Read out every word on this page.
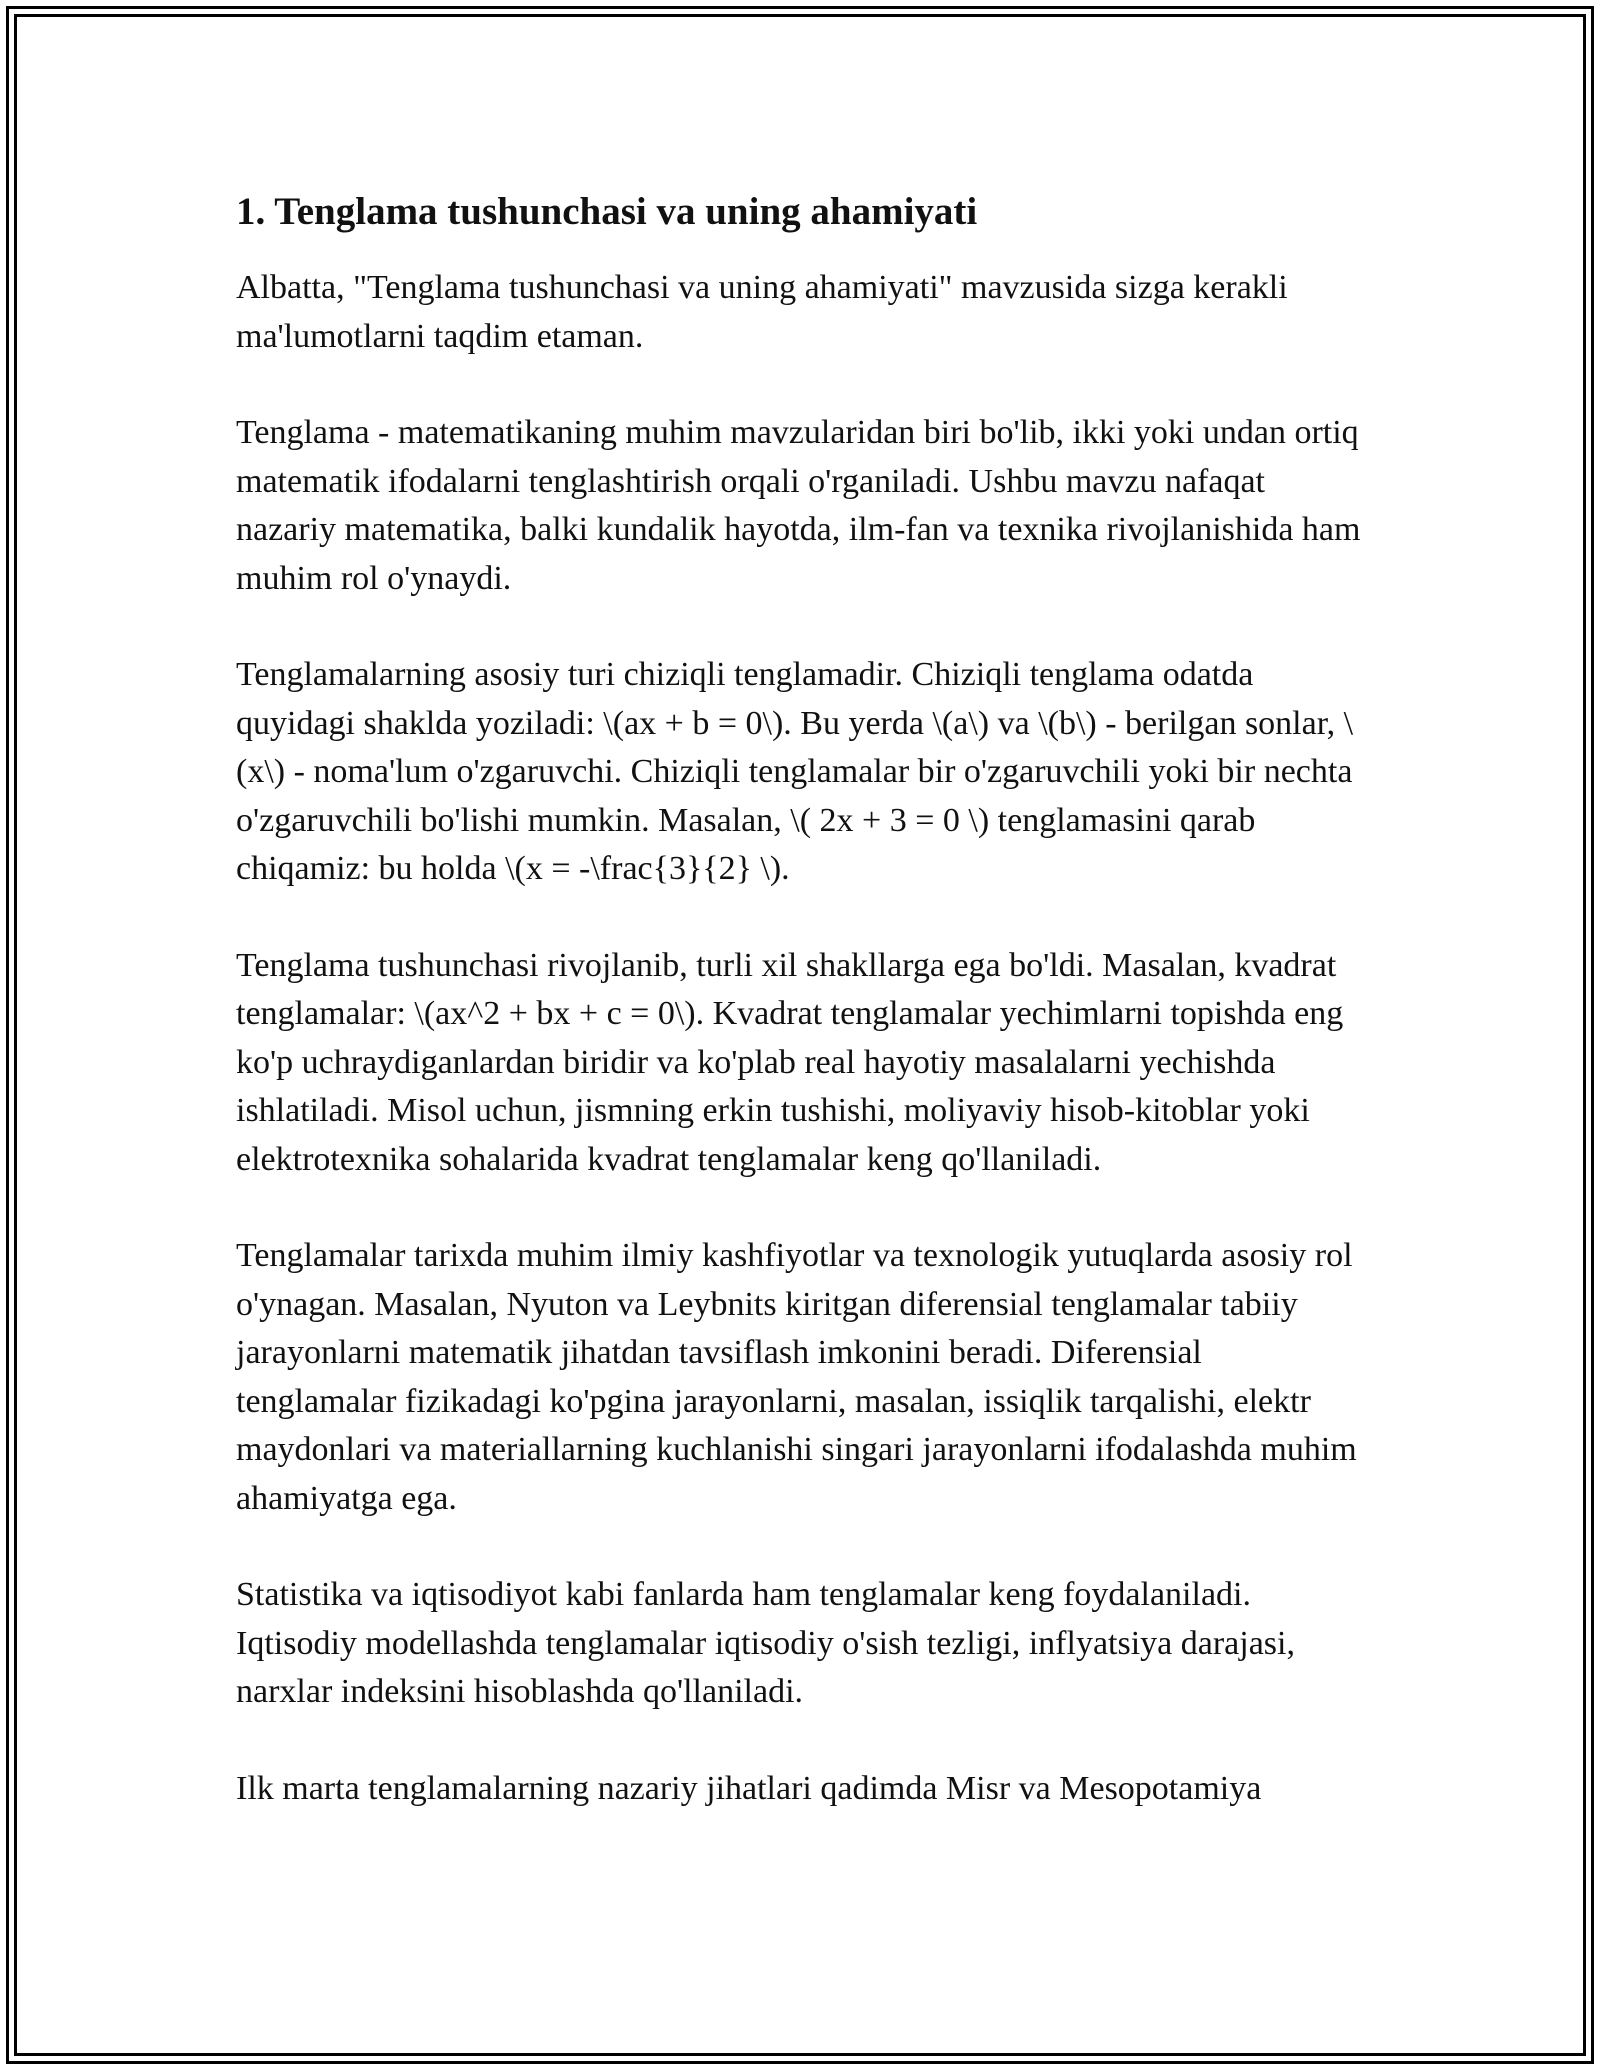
1. Tenglama tushunchasi va uning ahamiyati

Albatta, "Tenglama tushunchasi va uning ahamiyati" mavzusida sizga kerakli ma'lumotlarni taqdim etaman.

Tenglama - matematikaning muhim mavzularidan biri bo'lib, ikki yoki undan ortiq matematik ifodalarni tenglashtirish orqali o'rganiladi. Ushbu mavzu nafaqat nazariy matematika, balki kundalik hayotda, ilm-fan va texnika rivojlanishida ham muhim rol o'ynaydi.

Tenglamalarning asosiy turi chiziqli tenglamadir. Chiziqli tenglama odatda quyidagi shaklda yoziladi: \(ax + b = 0\). Bu yerda \(a\) va \(b\) - berilgan sonlar, \(x\) - noma'lum o'zgaruvchi. Chiziqli tenglamalar bir o'zgaruvchili yoki bir nechta o'zgaruvchili bo'lishi mumkin. Masalan, \( 2x + 3 = 0 \) tenglamasini qarab chiqamiz: bu holda \(x = -\frac{3}{2} \).

Tenglama tushunchasi rivojlanib, turli xil shakllarga ega bo'ldi. Masalan, kvadrat tenglamalar: \(ax^2 + bx + c = 0\). Kvadrat tenglamalar yechimlarni topishda eng ko'p uchraydiganlardan biridir va ko'plab real hayotiy masalalarni yechishda ishlatiladi. Misol uchun, jismning erkin tushishi, moliyaviy hisob-kitoblar yoki elektrotexnika sohalarida kvadrat tenglamalar keng qo'llaniladi.

Tenglamalar tarixda muhim ilmiy kashfiyotlar va texnologik yutuqlarda asosiy rol o'ynagan. Masalan, Nyuton va Leybnits kiritgan diferensial tenglamalar tabiiy jarayonlarni matematik jihatdan tavsiflash imkonini beradi. Diferensial tenglamalar fizikadagi ko'pgina jarayonlarni, masalan, issiqlik tarqalishi, elektr maydonlari va materiallarning kuchlanishi singari jarayonlarni ifodalashda muhim ahamiyatga ega.

Statistika va iqtisodiyot kabi fanlarda ham tenglamalar keng foydalaniladi. Iqtisodiy modellashda tenglamalar iqtisodiy o'sish tezligi, inflyatsiya darajasi, narxlar indeksini hisoblashda qo'llaniladi.

Ilk marta tenglamalarning nazariy jihatlari qadimda Misr va Mesopotamiya
